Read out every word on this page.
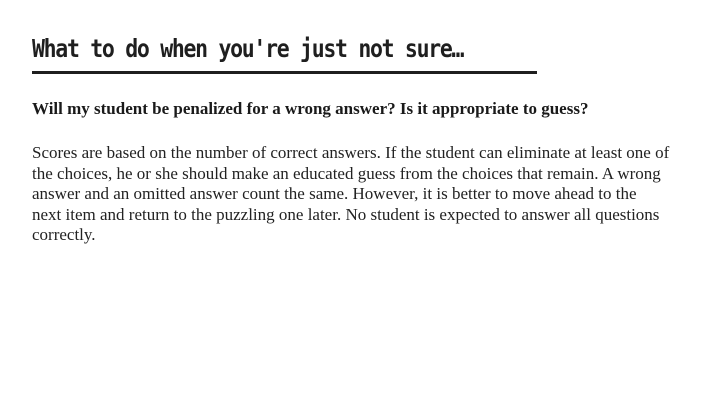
What to do when you're just not sure…
Will my student be penalized for a wrong answer? Is it appropriate to guess?
Scores are based on the number of correct answers. If the student can eliminate at least one of
the choices, he or she should make an educated guess from the choices that remain. A wrong
answer and an omitted answer count the same. However, it is better to move ahead to the
next item and return to the puzzling one later. No student is expected to answer all questions
correctly.
